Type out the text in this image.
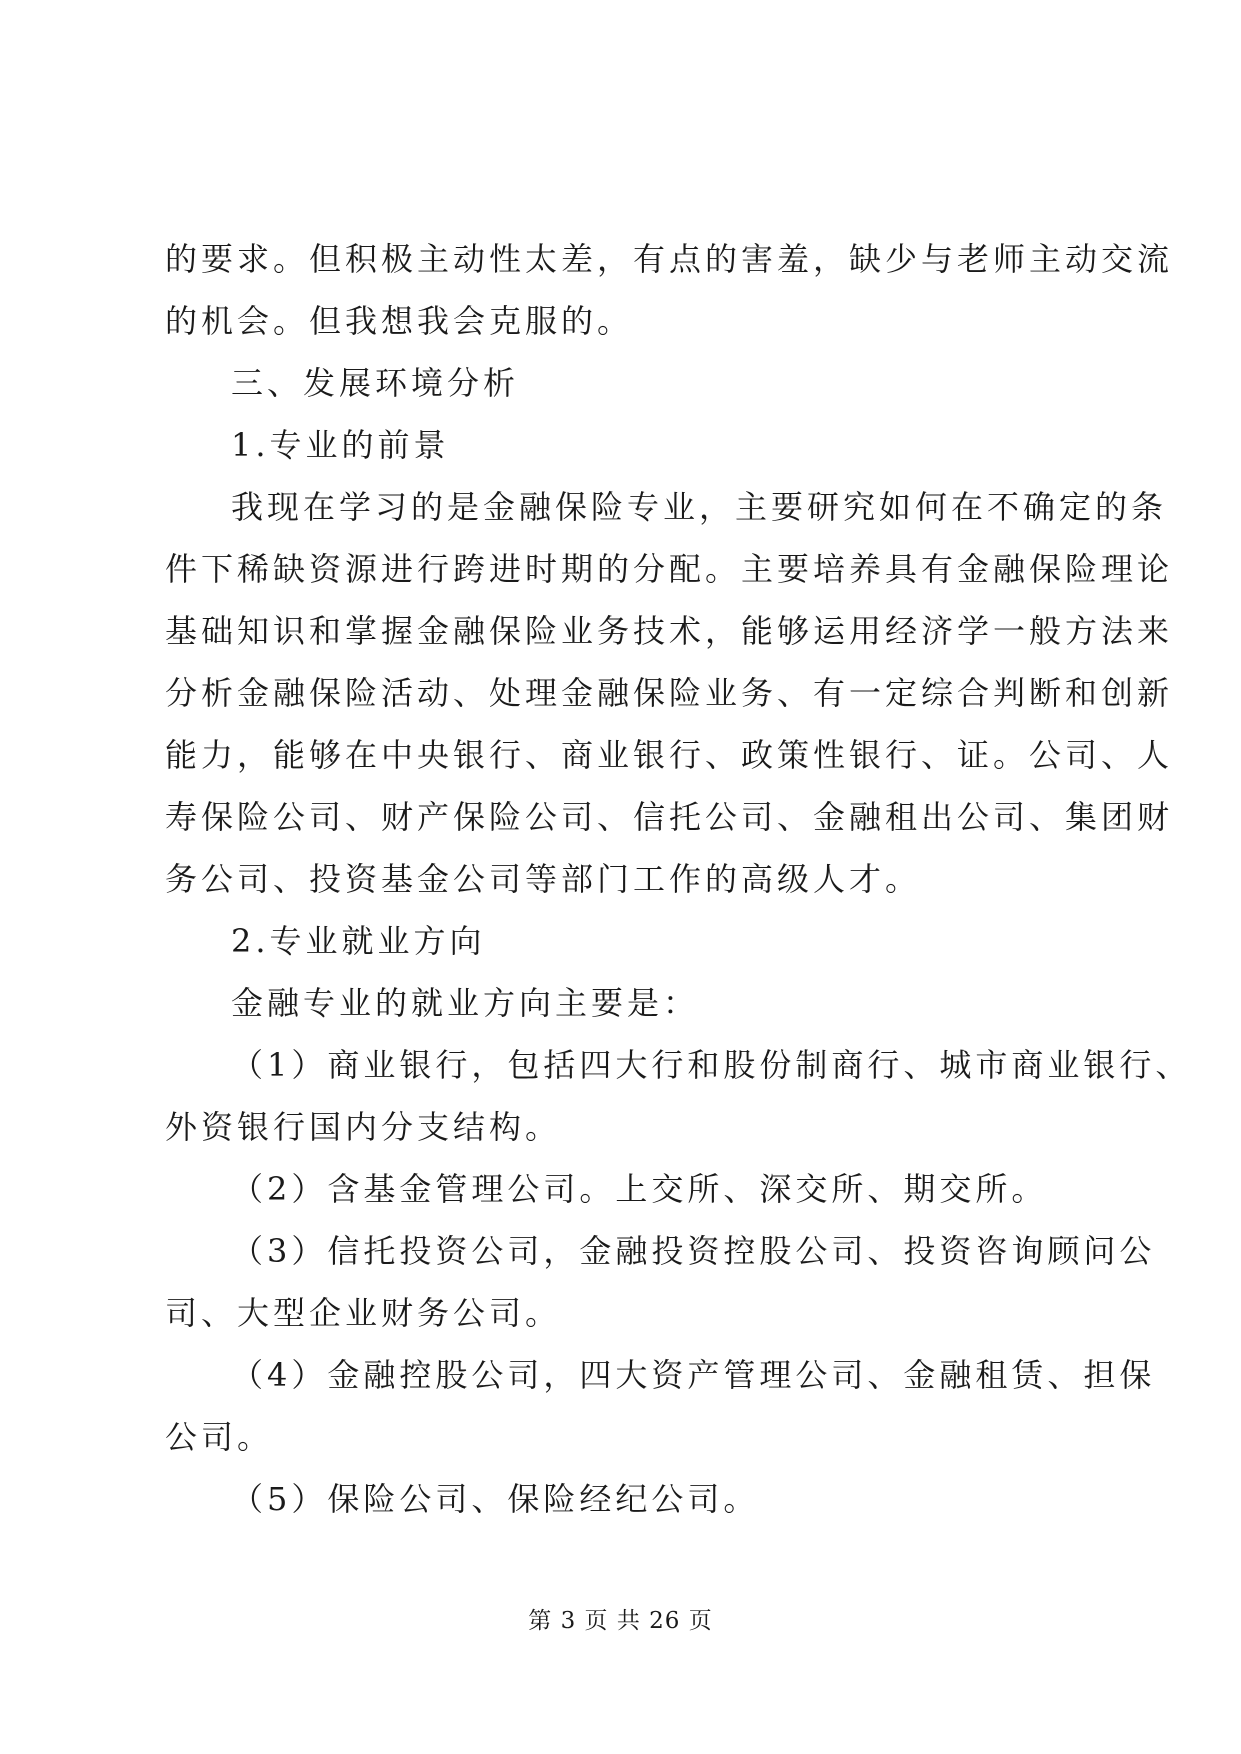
的要求。但积极主动性太差，有点的害羞，缺少与老师主动交流

的机会。但我想我会克服的。

三、发展环境分析

1.专业的前景

我现在学习的是金融保险专业，主要研究如何在不确定的条

件下稀缺资源进行跨进时期的分配。主要培养具有金融保险理论

基础知识和掌握金融保险业务技术，能够运用经济学一般方法来

分析金融保险活动、处理金融保险业务、有一定综合判断和创新

能力，能够在中央银行、商业银行、政策性银行、证。公司、人

寿保险公司、财产保险公司、信托公司、金融租出公司、集团财

务公司、投资基金公司等部门工作的高级人才。

2.专业就业方向

金融专业的就业方向主要是：

（1）商业银行，包括四大行和股份制商行、城市商业银行、

外资银行国内分支结构。

（2）含基金管理公司。上交所、深交所、期交所。

（3）信托投资公司，金融投资控股公司、投资咨询顾问公

司、大型企业财务公司。

（4）金融控股公司，四大资产管理公司、金融租赁、担保

公司。

（5）保险公司、保险经纪公司。

第 3 页 共 26 页
